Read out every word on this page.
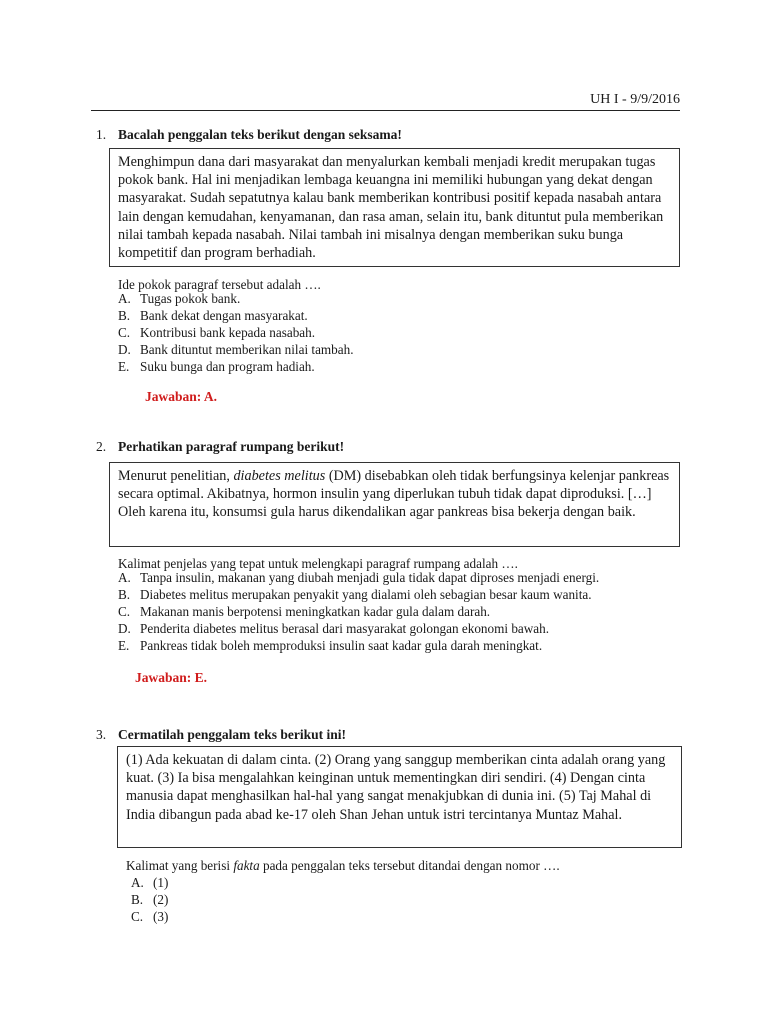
UH I - 9/9/2016
1. Bacalah penggalan teks berikut dengan seksama!

Menghimpun dana dari masyarakat dan menyalurkan kembali menjadi kredit merupakan tugas pokok bank. Hal ini menjadikan lembaga keuangna ini memiliki hubungan yang dekat dengan masyarakat. Sudah sepatutnya kalau bank memberikan kontribusi positif kepada nasabah antara lain dengan kemudahan, kenyamanan, dan rasa aman, selain itu, bank dituntut pula memberikan nilai tambah kepada nasabah. Nilai tambah ini misalnya dengan memberikan suku bunga kompetitif dan program berhadiah.

Ide pokok paragraf tersebut adalah ….
A. Tugas pokok bank.
B. Bank dekat dengan masyarakat.
C. Kontribusi bank kepada nasabah.
D. Bank dituntut memberikan nilai tambah.
E. Suku bunga dan program hadiah.
Jawaban: A.
2. Perhatikan paragraf rumpang berikut!

Menurut penelitian, diabetes melitus (DM) disebabkan oleh tidak berfungsinya kelenjar pankreas secara optimal. Akibatnya, hormon insulin yang diperlukan tubuh tidak dapat diproduksi. […] Oleh karena itu, konsumsi gula harus dikendalikan agar pankreas bisa bekerja dengan baik.

Kalimat penjelas yang tepat untuk melengkapi paragraf rumpang adalah ….
A. Tanpa insulin, makanan yang diubah menjadi gula tidak dapat diproses menjadi energi.
B. Diabetes melitus merupakan penyakit yang dialami oleh sebagian besar kaum wanita.
C. Makanan manis berpotensi meningkatkan kadar gula dalam darah.
D. Penderita diabetes melitus berasal dari masyarakat golongan ekonomi bawah.
E. Pankreas tidak boleh memproduksi insulin saat kadar gula darah meningkat.
Jawaban: E.
3. Cermatilah penggalam teks berikut ini!

(1) Ada kekuatan di dalam cinta. (2) Orang yang sanggup memberikan cinta adalah orang yang kuat. (3) Ia bisa mengalahkan keinginan untuk mementingkan diri sendiri. (4) Dengan cinta manusia dapat menghasilkan hal-hal yang sangat menakjubkan di dunia ini. (5) Taj Mahal di India dibangun pada abad ke-17 oleh Shan Jehan untuk istri tercintanya Muntaz Mahal.

Kalimat yang berisi fakta pada penggalan teks tersebut ditandai dengan nomor ….
A. (1)
B. (2)
C. (3)
